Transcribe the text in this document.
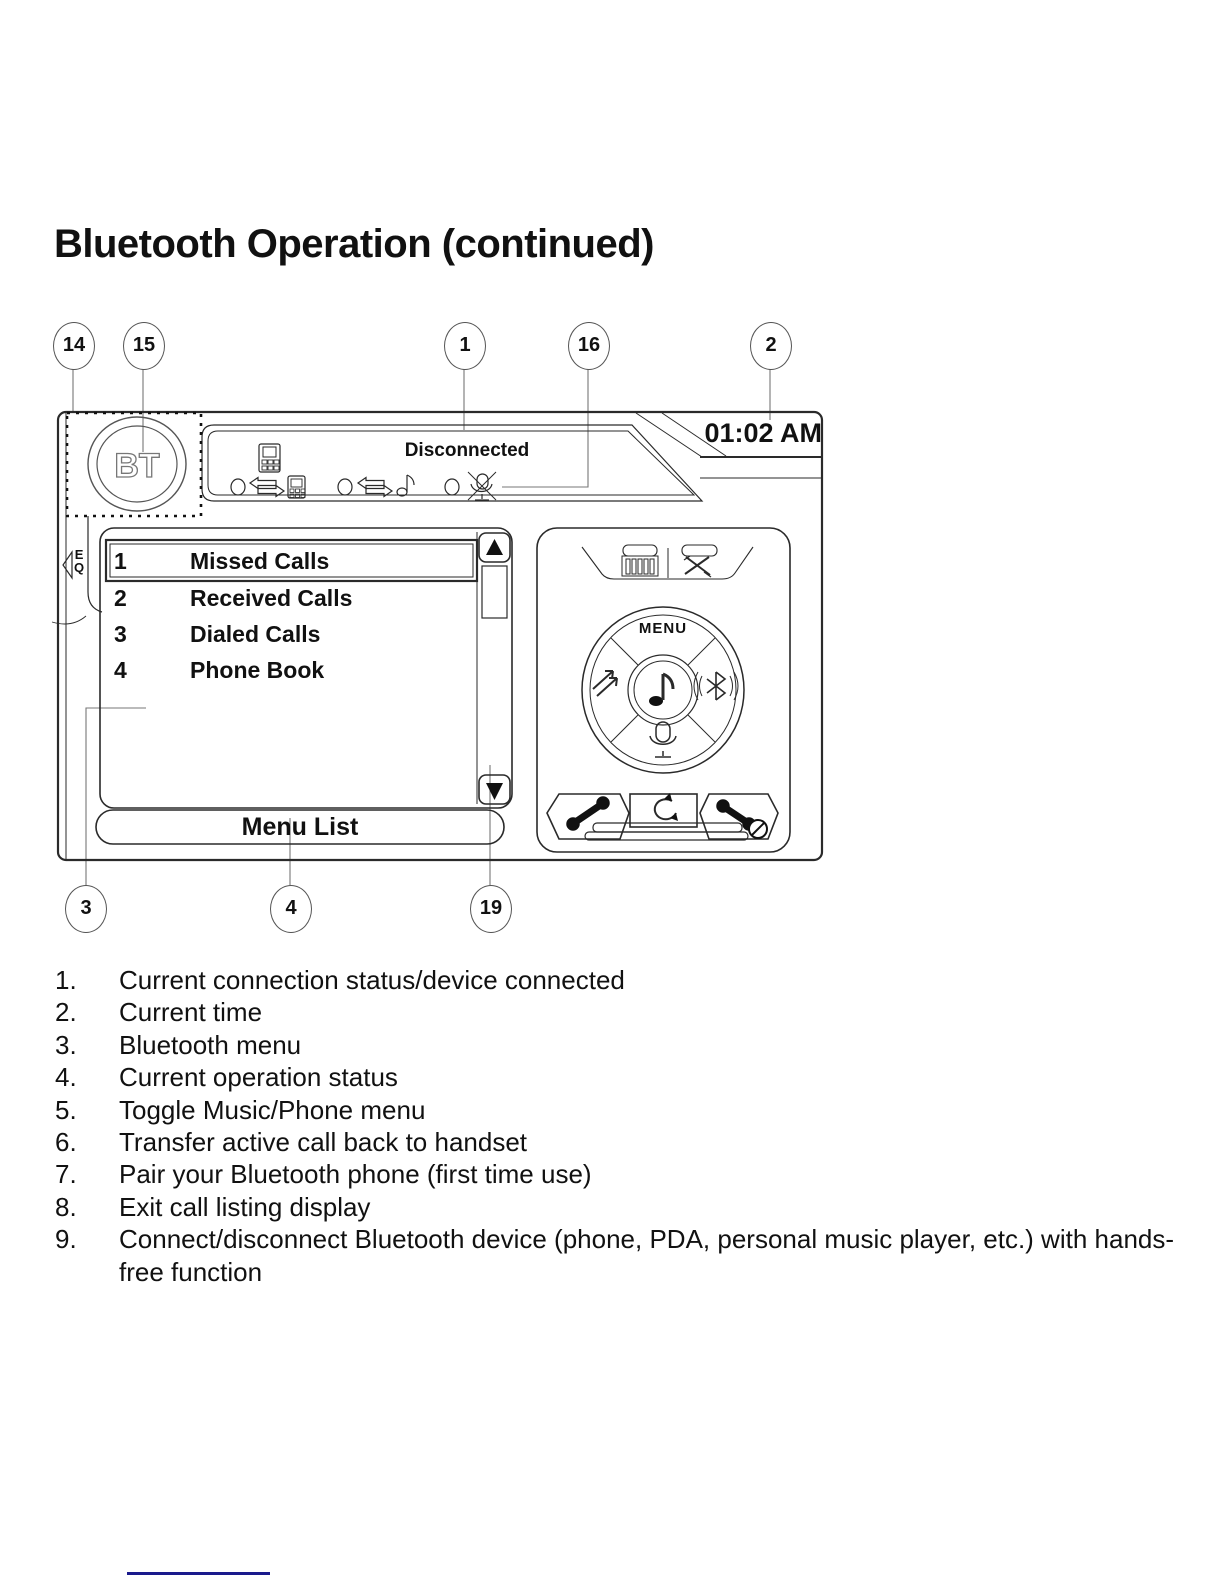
BT
Bluetooth Operation (continued)
Disconnected
01:02 AM
E
Q 1	Missed Calls
2	Received Calls
3	Dialed Calls
4	Phone Book
Menu List
MENU
14	15	1	16	2
3	4	19
1.	Current connection status/device connected
2.	Current time
3.	Bluetooth menu
4.	Current operation status
5.	Toggle Music/Phone menu
6.	Transfer active call back to handset
7.	Pair your Bluetooth phone (first time use)
8.	Exit call listing display
9.	Connect/disconnect Bluetooth device (phone, PDA, personal music player, etc.) with hands-free function
